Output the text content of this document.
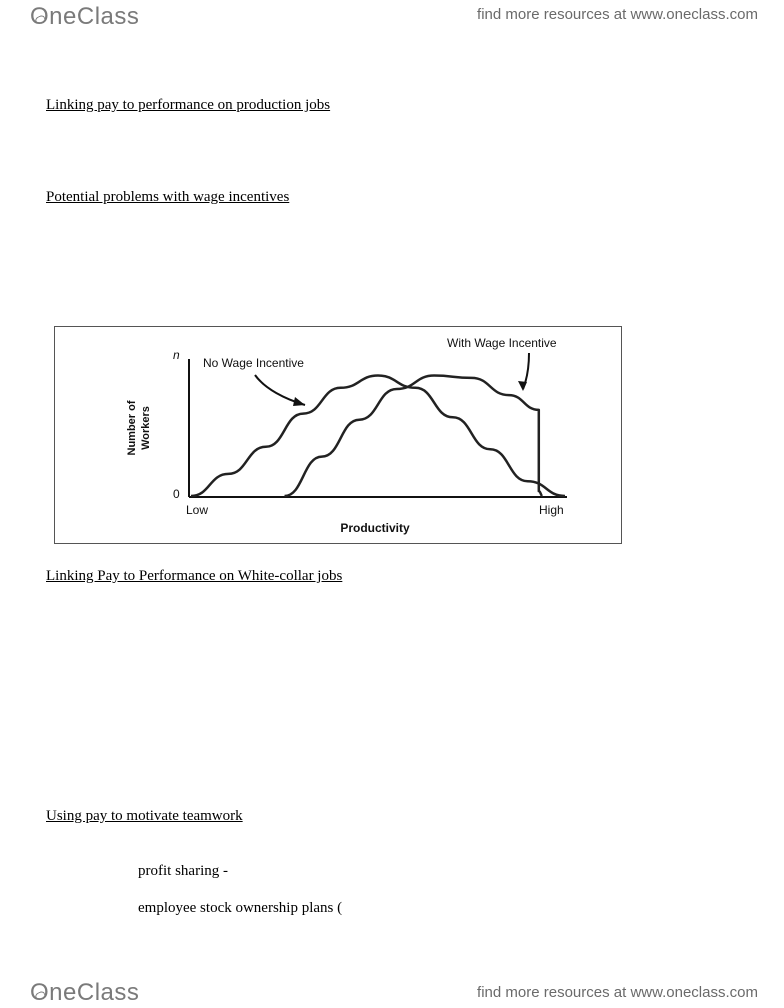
OneClass	find more resources at www.oneclass.com
Linking pay to performance on production jobs
Potential problems with wage incentives
n
0
Low	High
Productivity
Number of Workers
No Wage Incentive
With Wage Incentive
Linking Pay to Performance on White-collar jobs
Using pay to motivate teamwork
profit sharing -
employee stock ownership plans (
OneClass	find more resources at www.oneclass.com
